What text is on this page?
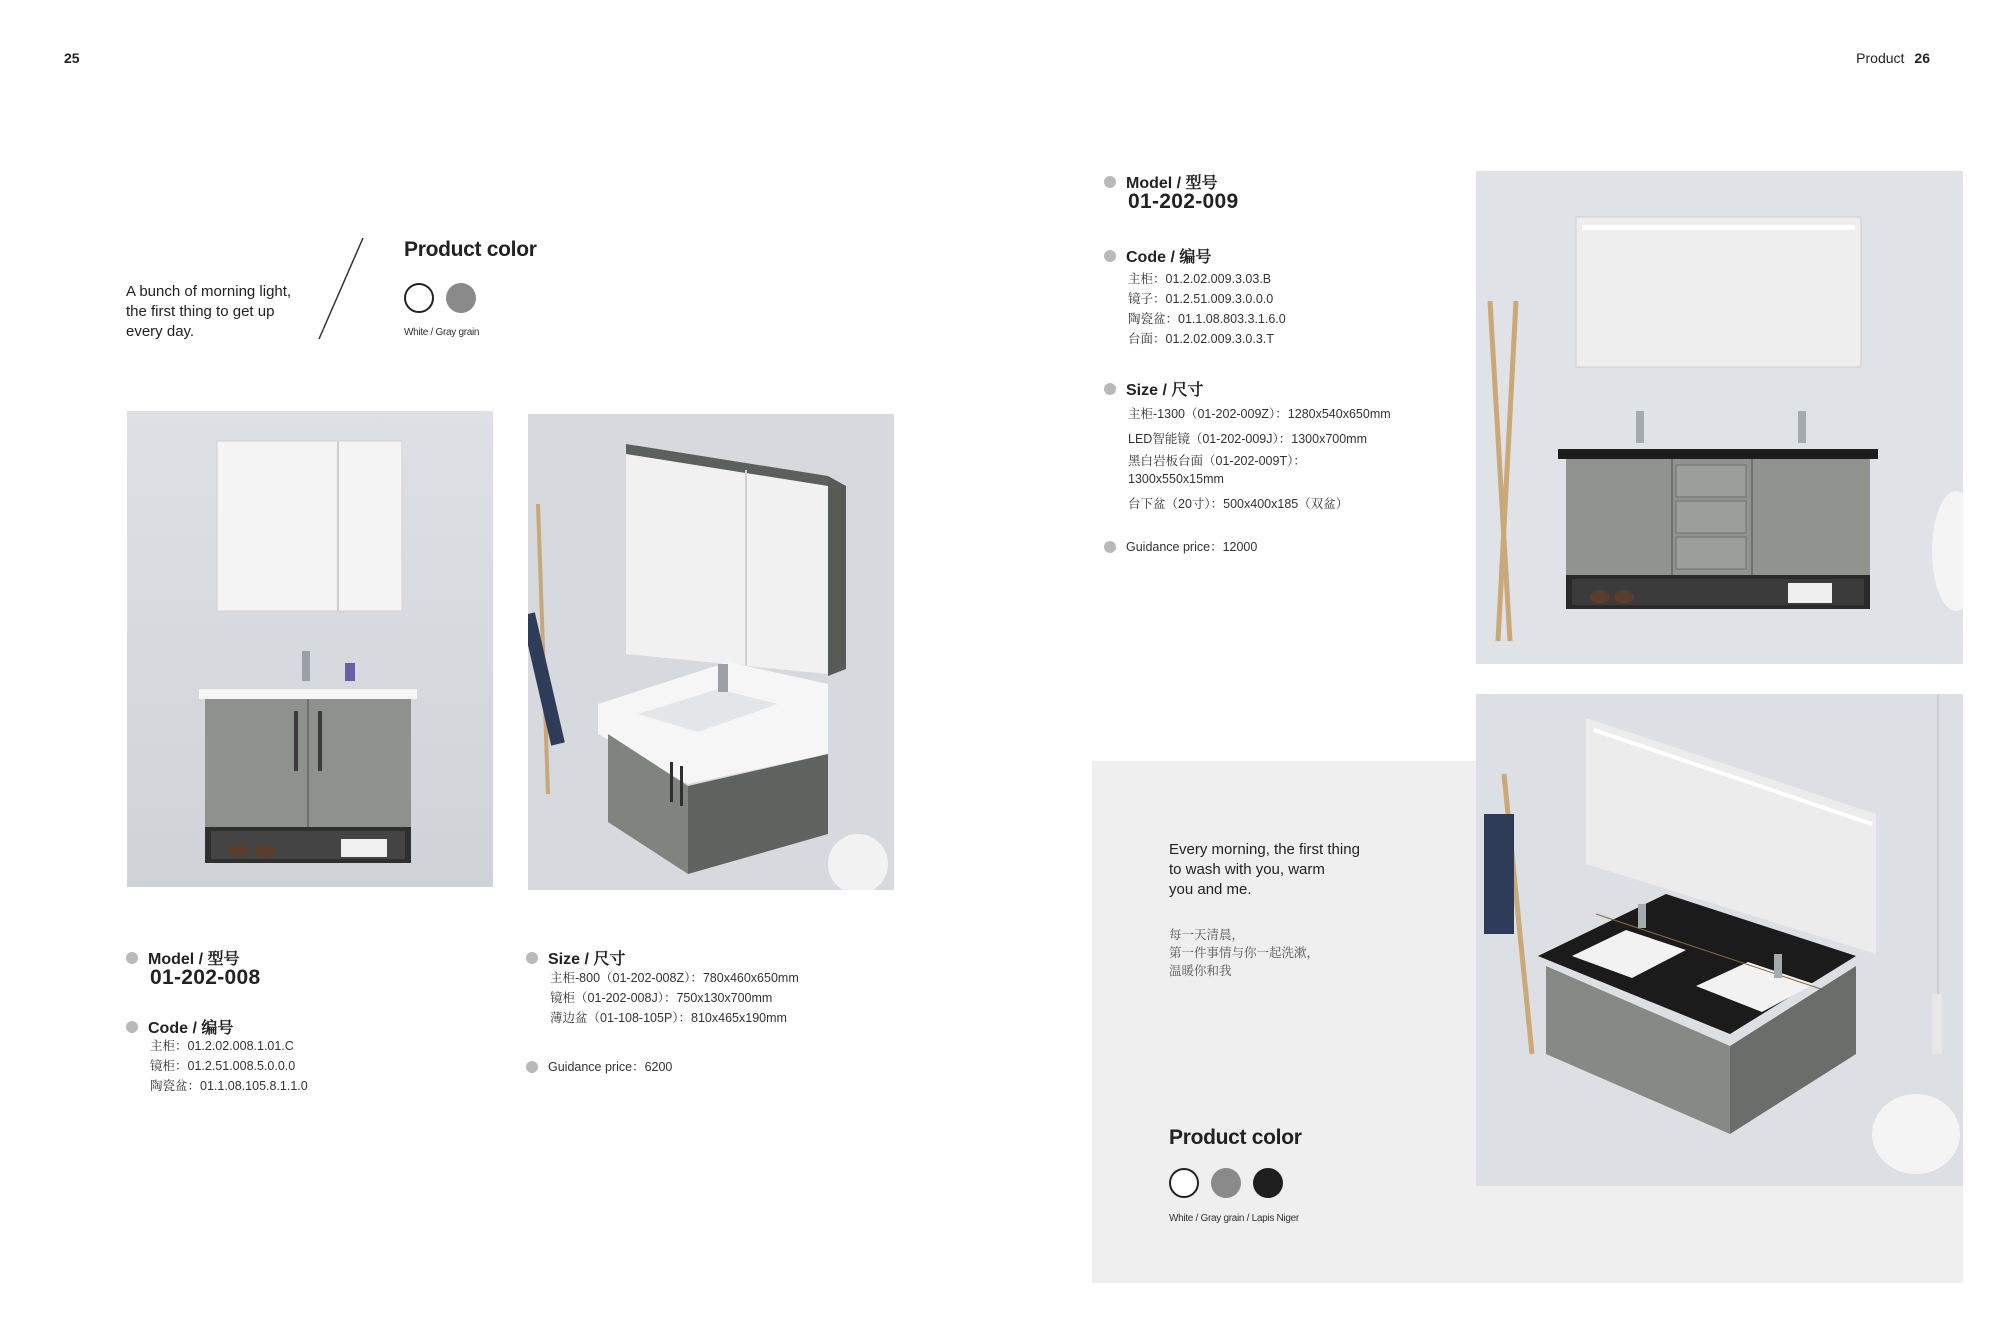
25	Product 26
A bunch of morning light,
the first thing to get up
every day.
Product color
White / Gray grain
Model / 型号
01-202-008
Code / 编号
主柜：01.2.02.008.1.01.C
镜柜：01.2.51.008.5.0.0.0
陶瓷盆：01.1.08.105.8.1.1.0
Size / 尺寸
主柜-800（01-202-008Z）：780x460x650mm
镜柜（01-202-008J）：750x130x700mm
薄边盆（01-108-105P）：810x465x190mm
Guidance price：6200
Model / 型号
01-202-009
Code / 编号
主柜：01.2.02.009.3.03.B
镜子：01.2.51.009.3.0.0.0
陶瓷盆：01.1.08.803.3.1.6.0
台面：01.2.02.009.3.0.3.T
Size / 尺寸
主柜-1300（01-202-009Z）：1280x540x650mm
LED智能镜（01-202-009J）：1300x700mm
黑白岩板台面（01-202-009T）：
1300x550x15mm
台下盆（20寸）：500x400x185（双盆）
Guidance price：12000
Every morning, the first thing
to wash with you, warm
you and me.
每一天清晨，
第一件事情与你一起洗漱，
温暖你和我
Product color
White / Gray grain / Lapis Niger
